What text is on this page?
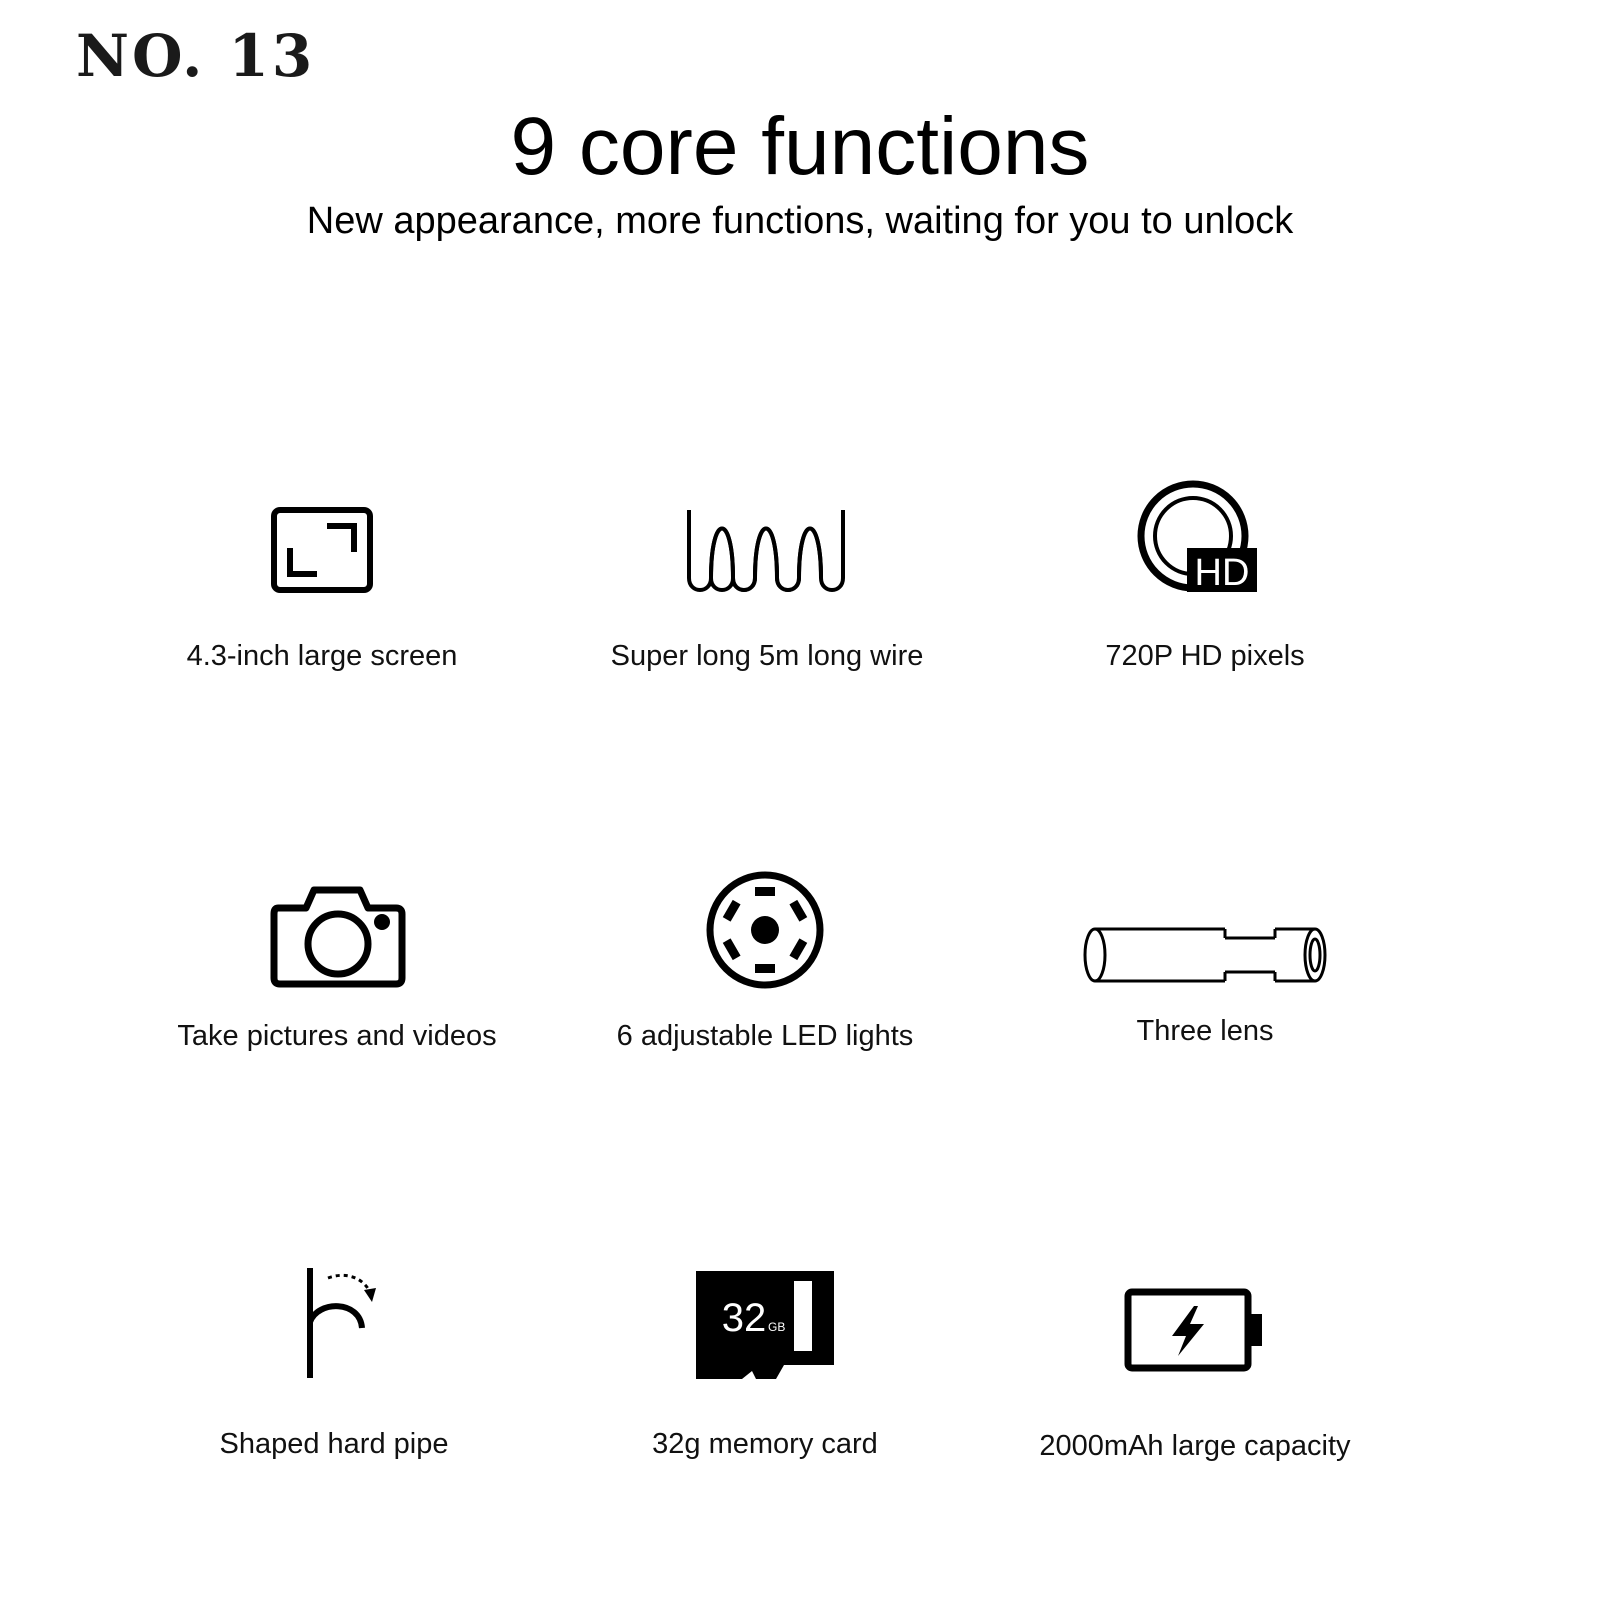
NO. 13
9 core functions
New appearance, more functions, waiting for you to unlock
4.3-inch large screen	Super long 5m long wire
HD
720P HD pixels
Take pictures and videos	6 adjustable LED lights	Three lens
Shaped hard pipe
32 GB
32g memory card	2000mAh large capacity
